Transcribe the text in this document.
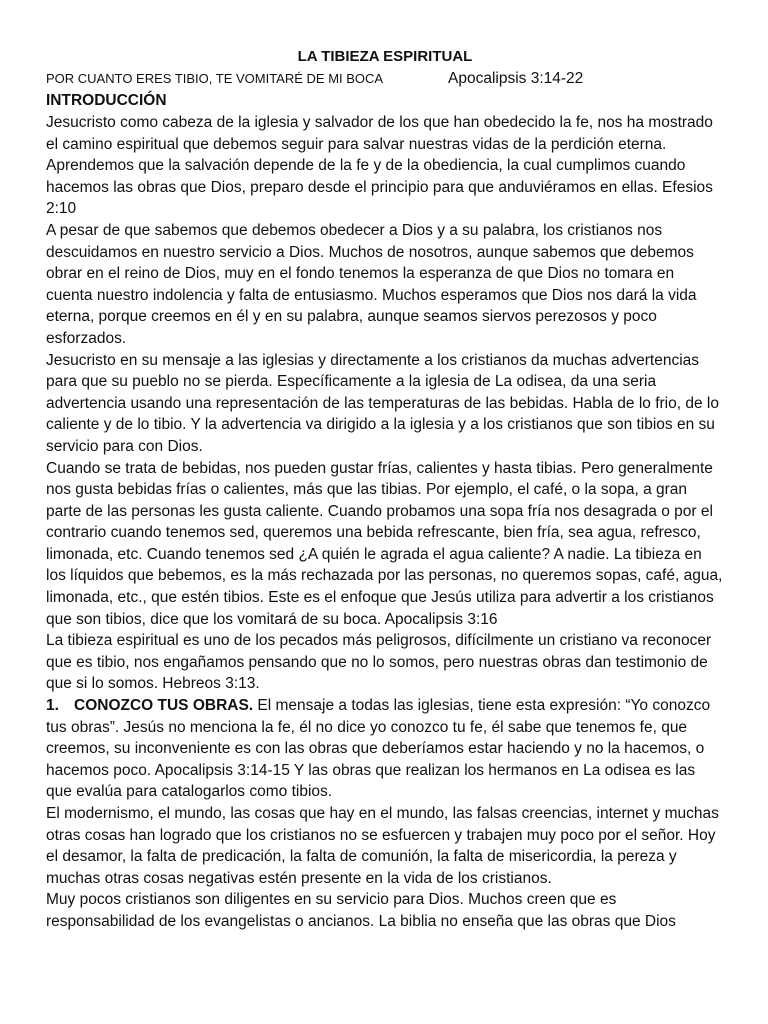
LA TIBIEZA ESPIRITUAL

POR CUANTO ERES TIBIO, TE VOMITARÉ DE MI BOCA	Apocalipsis 3:14-22

INTRODUCCIÓN

Jesucristo como cabeza de la iglesia y salvador de los que han obedecido la fe, nos ha mostrado el camino espiritual que debemos seguir para salvar nuestras vidas de la perdición eterna. Aprendemos que la salvación depende de la fe y de la obediencia, la cual cumplimos cuando hacemos las obras que Dios, preparo desde el principio para que anduviéramos en ellas. Efesios 2:10

A pesar de que sabemos que debemos obedecer a Dios y a su palabra, los cristianos nos descuidamos en nuestro servicio a Dios. Muchos de nosotros, aunque sabemos que debemos obrar en el reino de Dios, muy en el fondo tenemos la esperanza de que Dios no tomara en cuenta nuestro indolencia y falta de entusiasmo. Muchos esperamos que Dios nos dará la vida eterna, porque creemos en él y en su palabra, aunque seamos siervos perezosos y poco esforzados.

Jesucristo en su mensaje a las iglesias y directamente a los cristianos da muchas advertencias para que su pueblo no se pierda. Específicamente a la iglesia de La odisea, da una seria advertencia usando una representación de las temperaturas de las bebidas. Habla de lo frio, de lo caliente y de lo tibio. Y la advertencia va dirigido a la iglesia y a los cristianos que son tibios en su servicio para con Dios.

Cuando se trata de bebidas, nos pueden gustar frías, calientes y hasta tibias. Pero generalmente nos gusta bebidas frías o calientes, más que las tibias. Por ejemplo, el café, o la sopa, a gran parte de las personas les gusta caliente. Cuando probamos una sopa fría nos desagrada o por el contrario cuando tenemos sed, queremos una bebida refrescante, bien fría, sea agua, refresco, limonada, etc. Cuando tenemos sed ¿A quién le agrada el agua caliente? A nadie. La tibieza en los líquidos que bebemos, es la más rechazada por las personas, no queremos sopas, café, agua, limonada, etc., que estén tibios. Este es el enfoque que Jesús utiliza para advertir a los cristianos que son tibios, dice que los vomitará de su boca. Apocalipsis 3:16

La tibieza espiritual es uno de los pecados más peligrosos, difícilmente un cristiano va reconocer que es tibio, nos engañamos pensando que no lo somos, pero nuestras obras dan testimonio de que si lo somos. Hebreos 3:13.

1. CONOZCO TUS OBRAS. El mensaje a todas las iglesias, tiene esta expresión: “Yo conozco tus obras”. Jesús no menciona la fe, él no dice yo conozco tu fe, él sabe que tenemos fe, que creemos, su inconveniente es con las obras que deberíamos estar haciendo y no la hacemos, o hacemos poco. Apocalipsis 3:14-15 Y las obras que realizan los hermanos en La odisea es las que evalúa para catalogarlos como tibios.

El modernismo, el mundo, las cosas que hay en el mundo, las falsas creencias, internet y muchas otras cosas han logrado que los cristianos no se esfuercen y trabajen muy poco por el señor. Hoy el desamor, la falta de predicación, la falta de comunión, la falta de misericordia, la pereza y muchas otras cosas negativas estén presente en la vida de los cristianos.

Muy pocos cristianos son diligentes en su servicio para Dios. Muchos creen que es responsabilidad de los evangelistas o ancianos. La biblia no enseña que las obras que Dios
